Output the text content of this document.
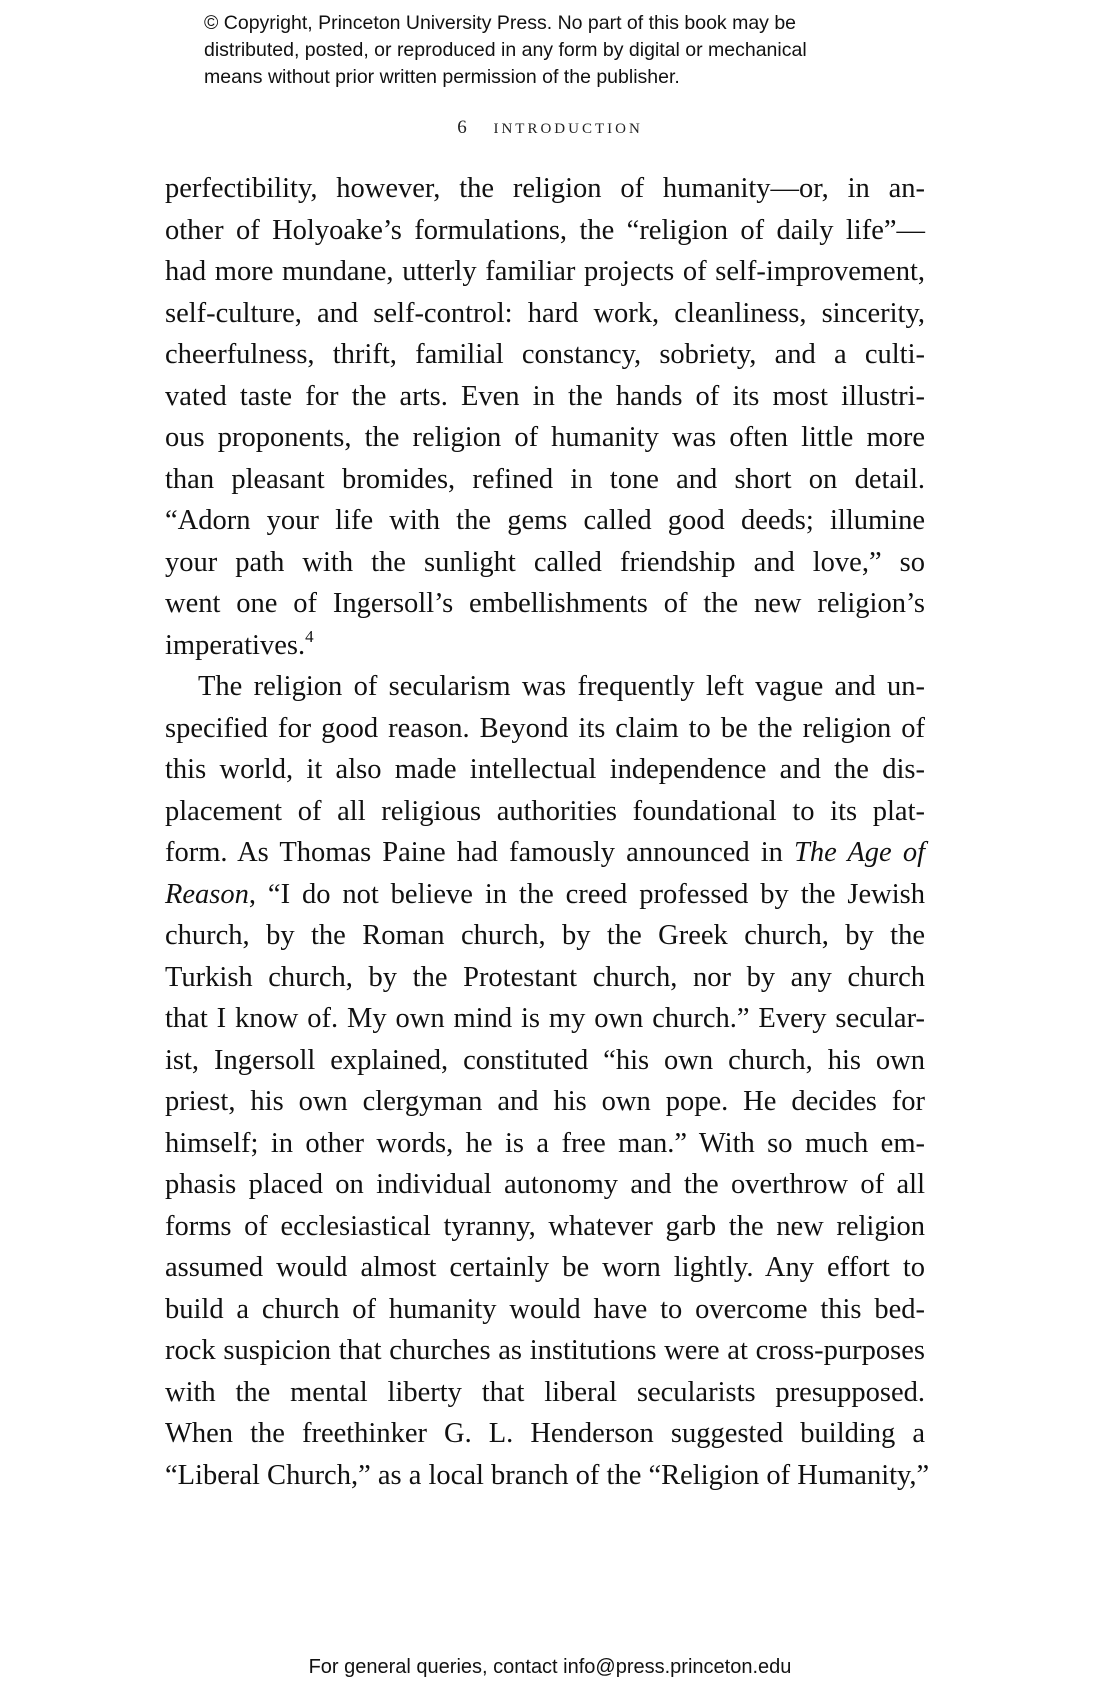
© Copyright, Princeton University Press. No part of this book may be
distributed, posted, or reproduced in any form by digital or mechanical
means without prior written permission of the publisher.
6 introduction
perfectibility, however, the religion of humanity—or, in an-
other of Holyoake’s formulations, the “religion of daily life”—
had more mundane, utterly familiar projects of self-improvement,
self-culture, and self-control: hard work, cleanliness, sincerity,
cheerfulness, thrift, familial constancy, sobriety, and a culti-
vated taste for the arts. Even in the hands of its most illustri-
ous proponents, the religion of humanity was often little more
than pleasant bromides, refined in tone and short on detail.
“Adorn your life with the gems called good deeds; illumine
your path with the sunlight called friendship and love,” so
went one of Ingersoll’s embellishments of the new religion’s
imperatives.$^4$
The religion of secularism was frequently left vague and un-
specified for good reason. Beyond its claim to be the religion of
this world, it also made intellectual independence and the dis-
placement of all religious authorities foundational to its plat-
form. As Thomas Paine had famously announced in The Age of
Reason, “I do not believe in the creed professed by the Jewish
church, by the Roman church, by the Greek church, by the
Turkish church, by the Protestant church, nor by any church
that I know of. My own mind is my own church.” Every secular-
ist, Ingersoll explained, constituted “his own church, his own
priest, his own clergyman and his own pope. He decides for
himself; in other words, he is a free man.” With so much em-
phasis placed on individual autonomy and the overthrow of all
forms of ecclesiastical tyranny, whatever garb the new religion
assumed would almost certainly be worn lightly. Any effort to
build a church of humanity would have to overcome this bed-
rock suspicion that churches as institutions were at cross-purposes
with the mental liberty that liberal secularists presupposed.
When the freethinker G. L. Henderson suggested building a
“Liberal Church,” as a local branch of the “Religion of Humanity,”
For general queries, contact info@press.princeton.edu
